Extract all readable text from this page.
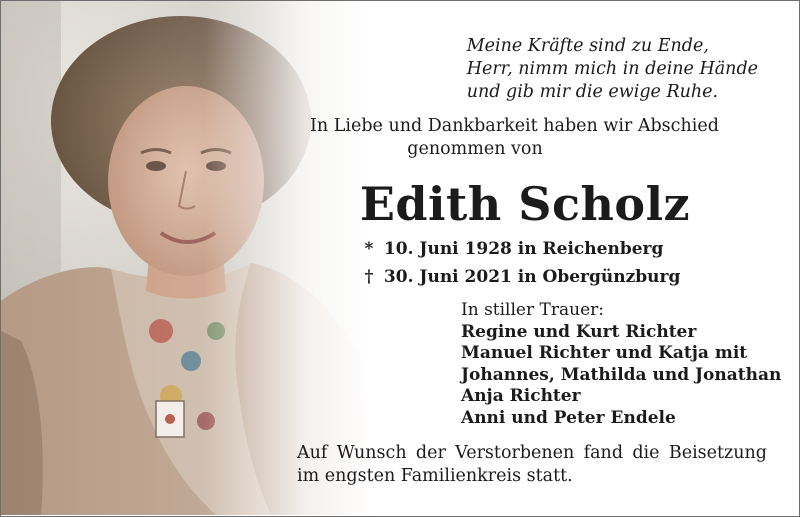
Meine Kräfte sind zu Ende,
Herr, nimm mich in deine Hände
und gib mir die ewige Ruhe.
In Liebe und Dankbarkeit haben wir Abschied
genommen von
Edith Scholz
* 10. Juni 1928 in Reichenberg
† 30. Juni 2021 in Obergünzburg
In stiller Trauer:
Regine und Kurt Richter
Manuel Richter und Katja mit
Johannes, Mathilda und Jonathan
Anja Richter
Anni und Peter Endele
Auf Wunsch der Verstorbenen fand die Beisetzung im engsten Familienkreis statt.
